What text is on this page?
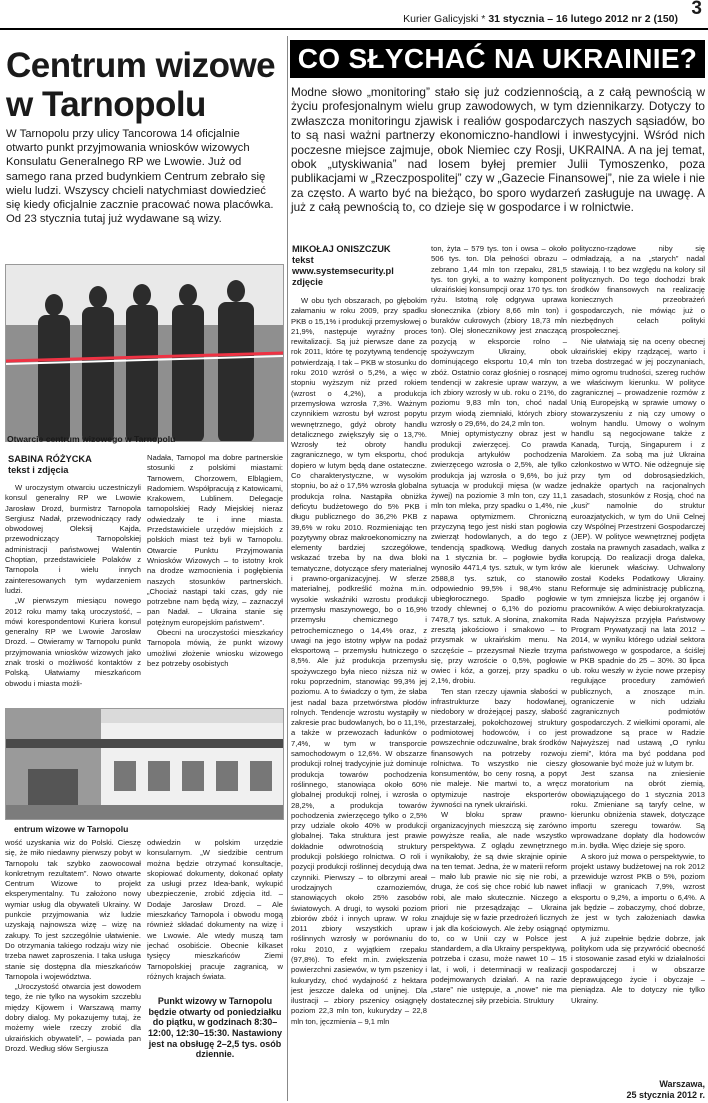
Kurier Galicyjski * 31 stycznia – 16 lutego 2012 nr 2 (150) 3
Centrum wizowe w Tarnopolu
W Tarnopolu przy ulicy Tancorowa 14 oficjalnie otwarto punkt przyjmowania wniosków wizowych Konsulatu Generalnego RP we Lwowie. Już od samego rana przed budynkiem Centrum zebrało się wielu ludzi. Wszyscy chcieli natychmiast dowiedzieć się kiedy oficjalnie zacznie pracować nowa placówka. Od 23 stycznia tutaj już wydawane są wizy.
Otwarcie centrum wizowego w Tarnopolu
SABINA RÓŻYCKA
tekst i zdjęcia

W uroczystym otwarciu uczestniczyli konsul generalny RP we Lwowie Jarosław Drozd, burmistrz Tarnopola Sergiusz Nadał, przewodniczący rady obwodowej Oleksij Kajda, przewodniczący Tarnopolskiej administracji państwowej Walentin Choptian, przedstawiciele Polaków z Tarnopola i wielu innych zainteresowanych tym wydarzeniem ludzi.

„W pierwszym miesiącu nowego 2012 roku mamy taką uroczystość, – mówi korespondentowi Kuriera konsul generalny RP we Lwowie Jarosław Drozd. – Otwieramy w Tarnopolu punkt przyjmowania wniosków wizowych jako znak troski o możliwość kontaktów z Polską. Ułatwiamy mieszkańcom obwodu i miasta możli-

Nadała, Tarnopol ma dobre partnerskie stosunki z polskimi miastami: Tarnowem, Chorzowem, Elblągiem, Radomiem. Współpracują z Katowicami, Krakowem, Lublinem. Delegacje tarnopolskiej Rady Miejskiej nieraz odwiedzały te i inne miasta. Przedstawiciele urzędów miejskich z polskich miast też byli w Tarnopolu. Otwarcie Punktu Przyjmowania Wniosków Wizowych – to istotny krok na drodze wzmocnienia i pogłębienia naszych stosunków partnerskich. „Chociaż nastąpi taki czas, gdy nie potrzebne nam będą wizy, – zaznaczył pan Nadał. – Ukraina stanie się potężnym europejskim państwem”.

Obecni na uroczystości mieszkańcy Tarnopola mówią, że punkt wizowy umożliwi złożenie wniosku wizowego bez potrzeby osobistych

entrum wizowe w Tarnopolu

wość uzyskania wiz do Polski. Cieszę się, że miło niedawny pierwszy pobyt w Tarnopolu tak szybko zaowocował konkretnym rezultatem”. Nowo otwarte Centrum Wizowe to projekt eksperymentalny. Tu założono nowy wymiar usług dla obywateli Ukrainy. W punkcie przyjmowania wiz ludzie uzyskają najnowsza wizę – wizę na zakupy. To jest szczególnie ułatwienie. Do otrzymania takiego rodzaju wizy nie trzeba nawet zaproszenia. I taka usługa stanie się dostępna dla mieszkańców Tarnopola i województwa.

„Uroczystość otwarcia jest dowodem tego, że nie tylko na wysokim szczeblu między Kijowem i Warszawą mamy dobry dialog. My pokazujemy tutaj, że możemy wiele rzeczy zrobić dla ukraińskich obywateli”, – powiada pan Drozd. Według słów Sergiusza

odwiedzin w polskim urzędzie konsularnym. „W siedzibie centrum można będzie otrzymać konsultacje, skopiować dokumenty, dokonać opłaty za usługi przez Idea-bank, wykupić ubezpieczenie, zrobić zdjęcia itd. – Dodaje Jarosław Drozd. – Ale mieszkańcy Tarnopola i obwodu mogą również składać dokumenty na wizę i we Lwowie. Ale wtedy muszą tam jechać osobiście. Obecnie kilkaset tysięcy mieszkańców Ziemi Tarnopolskiej pracuje zagranicą, w różnych krajach świata.

Punkt wizowy w Tarnopolu będzie otwarty od poniedziałku do piątku, w godzinach 8:30–12:00, 12:30–15:30. Nastawiony jest na obsługę 2–2,5 tys. osób dziennie.

CO SŁYCHAĆ NA UKRAINIE?
Modne słowo „monitoring” stało się już codziennością, a z całą pewnością w życiu profesjonalnym wielu grup zawodowych, w tym dziennikarzy. Dotyczy to zwłaszcza monitoringu zjawisk i realiów gospodarczych naszych sąsiadów, bo to są nasi ważni partnerzy ekonomiczno-handlowi i inwestycyjni. Wśród nich poczesne miejsce zajmuje, obok Niemiec czy Rosji, UKRAINA. A na jej temat, obok „utyskiwania” nad losem byłej premier Julii Tymoszenko, poza publikacjami w „Rzeczpospolitej” czy w „Gazecie Finansowej”, nie za wiele i nie za często. A warto być na bieżąco, bo sporo wydarzeń zasługuje na uwagę. A już z całą pewnością to, co dzieje się w gospodarce i w rolnictwie.
MIKOŁAJ ONISZCZUK
tekst
www.systemsecurity.pl
zdjęcie

W obu tych obszarach, po głębokim załamaniu w roku 2009, przy spadku PKB o 15,1% i produkcji przemysłowej o 21,9%, następuje wyraźny proces rewitalizacji. Są już pierwsze dane za rok 2011, które tę pozytywną tendencję potwierdzają. I tak – PKB w stosunku do roku 2010 wzrósł o 5,2%, a więc w stopniu wyższym niż przed rokiem (wzrost o 4,2%), a produkcja przemysłowa wzrosła 7,3%. Ważnym czynnikiem wzrostu był wzrost popytu wewnętrznego, gdyż obroty handlu detalicznego zwiększyły się o 13,7%. Wzrosły też obroty handlu zagranicznego, w tym eksportu, choć dopiero w lutym będą dane ostateczne. Co charakterystyczne, w wysokim stopniu, bo aż o 17,5% wzrosła globalna produkcja rolna. Nastąpiła obniżka deficytu budżetowego do 5% PKB i długu publicznego do 36,2% PKB z 39,6% w roku 2010. Rozmieniając ten pozytywny obraz makroekonomiczny na elementy bardziej szczegółowe, wskazać trzeba by na dwa bloki tematyczne, dotyczące sfery materialnej i prawno-organizacyjnej. W sferze materialnej, podkreślić można m.in. wysokie wskaźniki wzrostu produkcji przemysłu maszynowego, bo o 16,9% przemysłu chemicznego i petrochemicznego o 14,4% oraz, z uwagi na jego istotny wpływ na podaż eksportową – przemysłu hutniczego o 8,5%. Ale już produkcja przemysłu spożywczego była nieco niższa niż w roku poprzednim, stanowiąc 99,3% jej poziomu. A to świadczy o tym, że słaba jest nadal baza przetwórstwa płodów rolnych. Tendencje wzrostu wystąpiły w zakresie prac budowlanych, bo o 11,1%, a także w przewozach ładunków o 7,4%, w tym w transporcie samochodowym o 12,6%. W obszarze produkcji rolnej tradycyjnie już dominuje produkcja towarów pochodzenia roślinnego, stanowiąca około 60% globalnej produkcji rolnej, i wzrosła o 28,2%, a produkcja towarów pochodzenia zwierzęcego tylko o 2,5% przy udziale około 40% w produkcji globalnej. Taka struktura jest prawie dokładnie odwrotnością struktury produkcji polskiego rolnictwa. O roli i pozycji produkcji roślinnej decydują dwa czynniki. Pierwszy – to olbrzymi areał urodzajnych czarnoziemów, stanowiących około 25% zasobów światowych. A drugi, to wysoki poziom zbiorów zbóż i innych upraw. W roku 2011 zbiory wszystkich upraw roślinnych wzrosły w porównaniu do roku 2010, z wyjątkiem rzepaku (97,8%). To efekt m.in. zwiększenia powierzchni zasiewów, w tym pszenicy i kukurydzy, choć wydajność z hektara jest jeszcze daleka od unijnej. Dla ilustracji – zbiory pszenicy osiągnęły poziom 22,3 mln ton, kukurydzy – 22,8 mln ton, jęczmienia – 9,1 mln

ton, żyta – 579 tys. ton i owsa – około 506 tys. ton. Dla pełności obrazu – zebrano 1,44 mln ton rzepaku, 281,5 tys. ton gryki, a to ważny komponent ukraińskiej konsumpcji oraz 170 tys. ton ryżu. Istotną rolę odgrywa uprawa słonecznika (zbiory 8,66 mln ton) i buraków cukrowych (zbiory 18,73 mln ton). Olej słonecznikowy jest znaczącą pozycją w eksporcie rolno – spożywczym Ukrainy, obok dominującego eksportu 10,4 mln ton zbóż. Ostatnio coraz głośniej o rosnącej tendencji w zakresie upraw warzyw, a ich zbiory wzrosły w ub. roku o 21%, do poziomu 9,83 mln ton, choć nadal przym wiodą ziemniaki, których zbiory wzrosły o 29,6%, do 24,2 mln ton.

Mniej optymistyczny obraz jest w produkcji zwierzęcej. Co prawda produkcja artykułów pochodzenia zwierzęcego wzrosła o 2,5%, ale tylko produkcja jaj wzrosła o 9,6%, bo już sytuacja w produkcji mięsa (w wadze żywej) na poziomie 3 mln ton, czy 11,1 mln ton mleka, przy spadku o 1,4%, nie napawa optymizmem. Chroniczną przyczyną tego jest niski stan pogłowia zwierząt hodowlanych, a do tego z tendencją spadkową. Według danych na 1 stycznia br. – pogłowie bydła wynosiło 4471,4 tys. sztuk, w tym krów 2588,8 tys. sztuk, co stanowiło odpowiednio 99,5% i 98,4% stanu ubiegłorocznego. Spadło pogłowie trzody chlewnej o 6,1% do poziomu 7478,7 tys. sztuk. A słonina, znakomita zresztą jakościowo i smakowo – to przysmak w ukraińskim menu. Na szczęście – przezysmał Niezłe trzyma się, przy wzroście o 0,5%, pogłowie owiec i kóz, a gorzej, przy spadku o 2,1%, drobiu.

Ten stan rzeczy ujawnia słabości w infrastrukturze bazy hodowlanej, niedobory w drożejącej paszy, słabość przestarzałej, pokołchozowej struktury podmiotowej hodowców, i co jest powszechnie odczuwalne, brak środków finansowych na potrzeby rozwoju rolnictwa. To wszystko nie cieszy konsumentów, bo ceny rosną, a popyt nie maleje. Nie martwi to, a wręcz optymizuje nastroje eksporterów żywności na rynek ukraiński.

W bloku spraw prawno-organizacyjnych mieszczą się zarówno powyższe realia, ale nade wszystko perspektywa. Z oglądu zewnętrznego wynikałoby, że są dwie skrajnie opinie na ten temat. Jedna, że w materii reform – mało lub prawie nic się nie robi, a druga, że coś się chce robić lub nawet robi, ale mało skutecznie. Niczego a priori nie przesądzając – Ukraina znajduje się w fazie przedrożeń licznych i jak dla kościowych. Ale żeby osiągnąć to, co w Unii czy w Polsce jest standardem, a dla Ukrainy perspektywą, potrzeba i czasu, może nawet 10 – 15 lat, i woli, i determinacji w realizacji podejmowanych działań. A na razie „stare” nie ustępuje, a „nowe” nie ma dostatecznej siły przebicia. Struktury

polityczno-rządowe niby się odmładzają, a na „starych” nadal stawiają. I to bez względu na kolory sil politycznych. Do tego dochodzi brak środków finansowych na realizację koniecznych przeobrażeń gospodarczych, nie mówiąc już o niezbędnych celach polityki prospołecznej.

Nie ułatwiają się na oceny obecnej ukraińskiej ekipy rządzącej, warto i trzeba dostrzegać w jej poczynaniach, mimo ogromu trudności, szereg ruchów we właściwym kierunku. W polityce zagranicznej – prowadzenie rozmów z Unią Europejską w sprawie umowy o stowarzyszeniu z nią czy umowy o wolnym handlu. Umowy o wolnym handlu są negocjowane także z Kanadą, Turcją, Singapurem i z Marokiem. Za sobą ma już Ukraina członkostwo w WTO. Nie odżegnuje się przy tym od dobrosąsiedzkich, jednakże opartych na racjonalnych zasadach, stosunków z Rosją, choć na „kusi” namolnie do struktur euroazjatyckich, w tym do Unii Celnej czy Wspólnej Przestrzeni Gospodarczej (JEP). W polityce wewnętrznej podjęta została na prawnych zasadach, walka z korupcją. Do realizacji droga daleka, ale kierunek właściwy. Uchwalony został Kodeks Podatkowy Ukrainy. Reformuje się administrację publiczną, w tym zmniejsza liczbę jej organów i pracowników. A więc debiurokratyzacja. Rada Najwyższa przyjęła Państwowy Program Prywatyzacji na lata 2012 – 2014, w wyniku którego udział sektora państwowego w gospodarce, a ściślej w PKB spadnie do 25 – 30%. 30 lipca ub. roku weszły w życie nowe przepisy regulujące procedury zamówień publicznych, a znoszące m.in. ograniczenie w nich udziału zagranicznych podmiotów gospodarczych. Z wielkimi oporami, ale prowadzone są prace w Radzie Najwyższej nad ustawą „O rynku ziemi”, która ma być poddana pod głosowanie być może już w lutym br.

Jest szansa na zniesienie moratorium na obrót ziemią, obowiązującego do 1 stycznia 2013 roku. Zmieniane są taryfy celne, w kierunku obniżenia stawek, dotyczące importu szeregu towarów. Są wprowadzane dopłaty dla hodowców m.in. bydła. Więc dzieje się sporo.

A skoro już mowa o perspektywie, to projekt ustawy budżetowej na rok 2012 przewiduje wzrost PKB o 5%, poziom inflacji w granicach 7,9%, wzrost eksportu o 9,2%, a importu o 6,4%. A jak będzie – zobaczymy, choć dobrze, że jest w tych założeniach dawka optymizmu.

A już zupełnie będzie dobrze, jak politykom uda się przywrócić obecność i stosowanie zasad etyki w działalności gospodarczej i w obszarze deprawującego życie i obyczaje – pieniądza. Ale to dotyczy nie tylko Ukrainy.

Warszawa,
25 stycznia 2012 r.
